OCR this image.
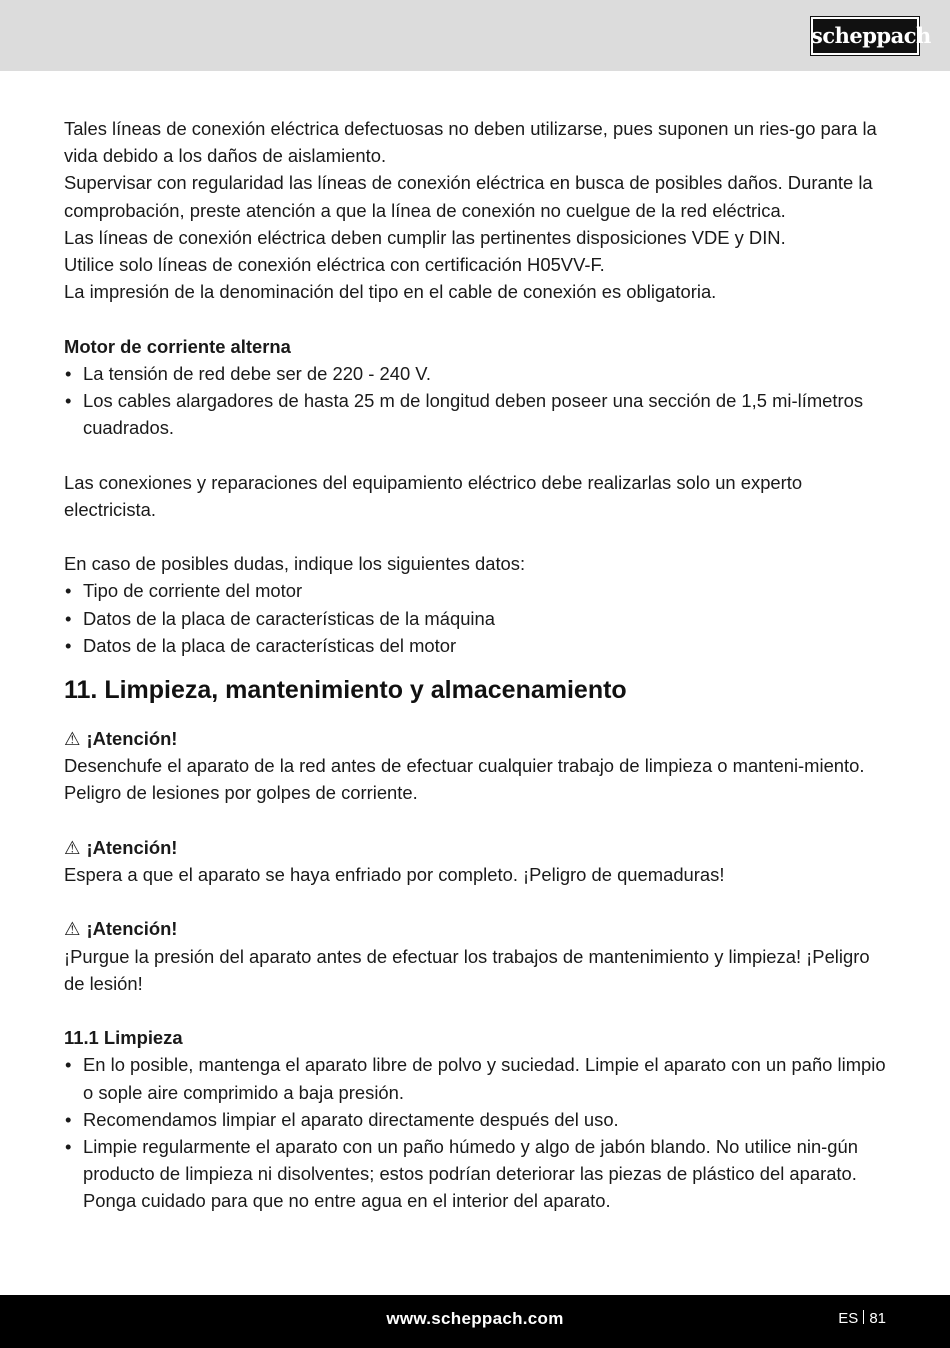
scheppach

Tales líneas de conexión eléctrica defectuosas no deben utilizarse, pues suponen un ries-go para la vida debido a los daños de aislamiento.

Supervisar con regularidad las líneas de conexión eléctrica en busca de posibles daños. Durante la comprobación, preste atención a que la línea de conexión no cuelgue de la red eléctrica.

Las líneas de conexión eléctrica deben cumplir las pertinentes disposiciones VDE y DIN.

Utilice solo líneas de conexión eléctrica con certificación H05VV-F.

La impresión de la denominación del tipo en el cable de conexión es obligatoria.

Motor de corriente alterna

• La tensión de red debe ser de 220 - 240 V.
• Los cables alargadores de hasta 25 m de longitud deben poseer una sección de 1,5 mi-límetros cuadrados.

Las conexiones y reparaciones del equipamiento eléctrico debe realizarlas solo un experto electricista.

En caso de posibles dudas, indique los siguientes datos:

• Tipo de corriente del motor
• Datos de la placa de características de la máquina
• Datos de la placa de características del motor
11. Limpieza, mantenimiento y almacenamiento

⚠ ¡Atención!

Desenchufe el aparato de la red antes de efectuar cualquier trabajo de limpieza o manteni-miento. Peligro de lesiones por golpes de corriente.

⚠ ¡Atención!

Espera a que el aparato se haya enfriado por completo. ¡Peligro de quemaduras!

⚠ ¡Atención!

¡Purgue la presión del aparato antes de efectuar los trabajos de mantenimiento y limpieza! ¡Peligro de lesión!

11.1 Limpieza

• En lo posible, mantenga el aparato libre de polvo y suciedad. Limpie el aparato con un paño limpio o sople aire comprimido a baja presión.
• Recomendamos limpiar el aparato directamente después del uso.
• Limpie regularmente el aparato con un paño húmedo y algo de jabón blando. No utilice nin-gún producto de limpieza ni disolventes; estos podrían deteriorar las piezas de plástico del aparato. Ponga cuidado para que no entre agua en el interior del aparato.
www.scheppach.com	ES 81
